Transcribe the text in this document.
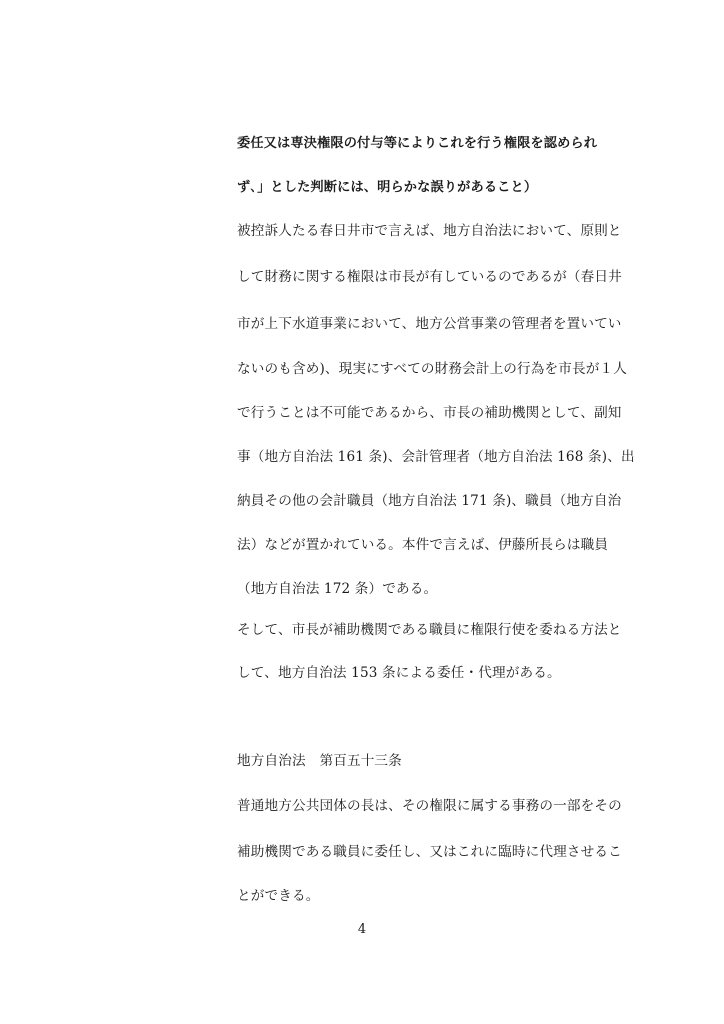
委任又は専決権限の付与等によりこれを行う権限を認められ
ず､」とした判断には、明らかな誤りがあること）
被控訴人たる春日井市で言えば、地方自治法において、原則と
して財務に関する権限は市長が有しているのであるが（春日井
市が上下水道事業において、地方公営事業の管理者を置いてい
ないのも含め)、現実にすべての財務会計上の行為を市長が１人
で行うことは不可能であるから、市長の補助機関として、副知
事（地方自治法 161 条)、会計管理者（地方自治法 168 条)、出
納員その他の会計職員（地方自治法 171 条)、職員（地方自治
法）などが置かれている。本件で言えば、伊藤所長らは職員
（地方自治法 172 条）である。
そして、市長が補助機関である職員に権限行使を委ねる方法と
して、地方自治法 153 条による委任・代理がある。
地方自治法　第百五十三条
普通地方公共団体の長は、その権限に属する事務の一部をその
補助機関である職員に委任し、又はこれに臨時に代理させるこ
とができる。
4
